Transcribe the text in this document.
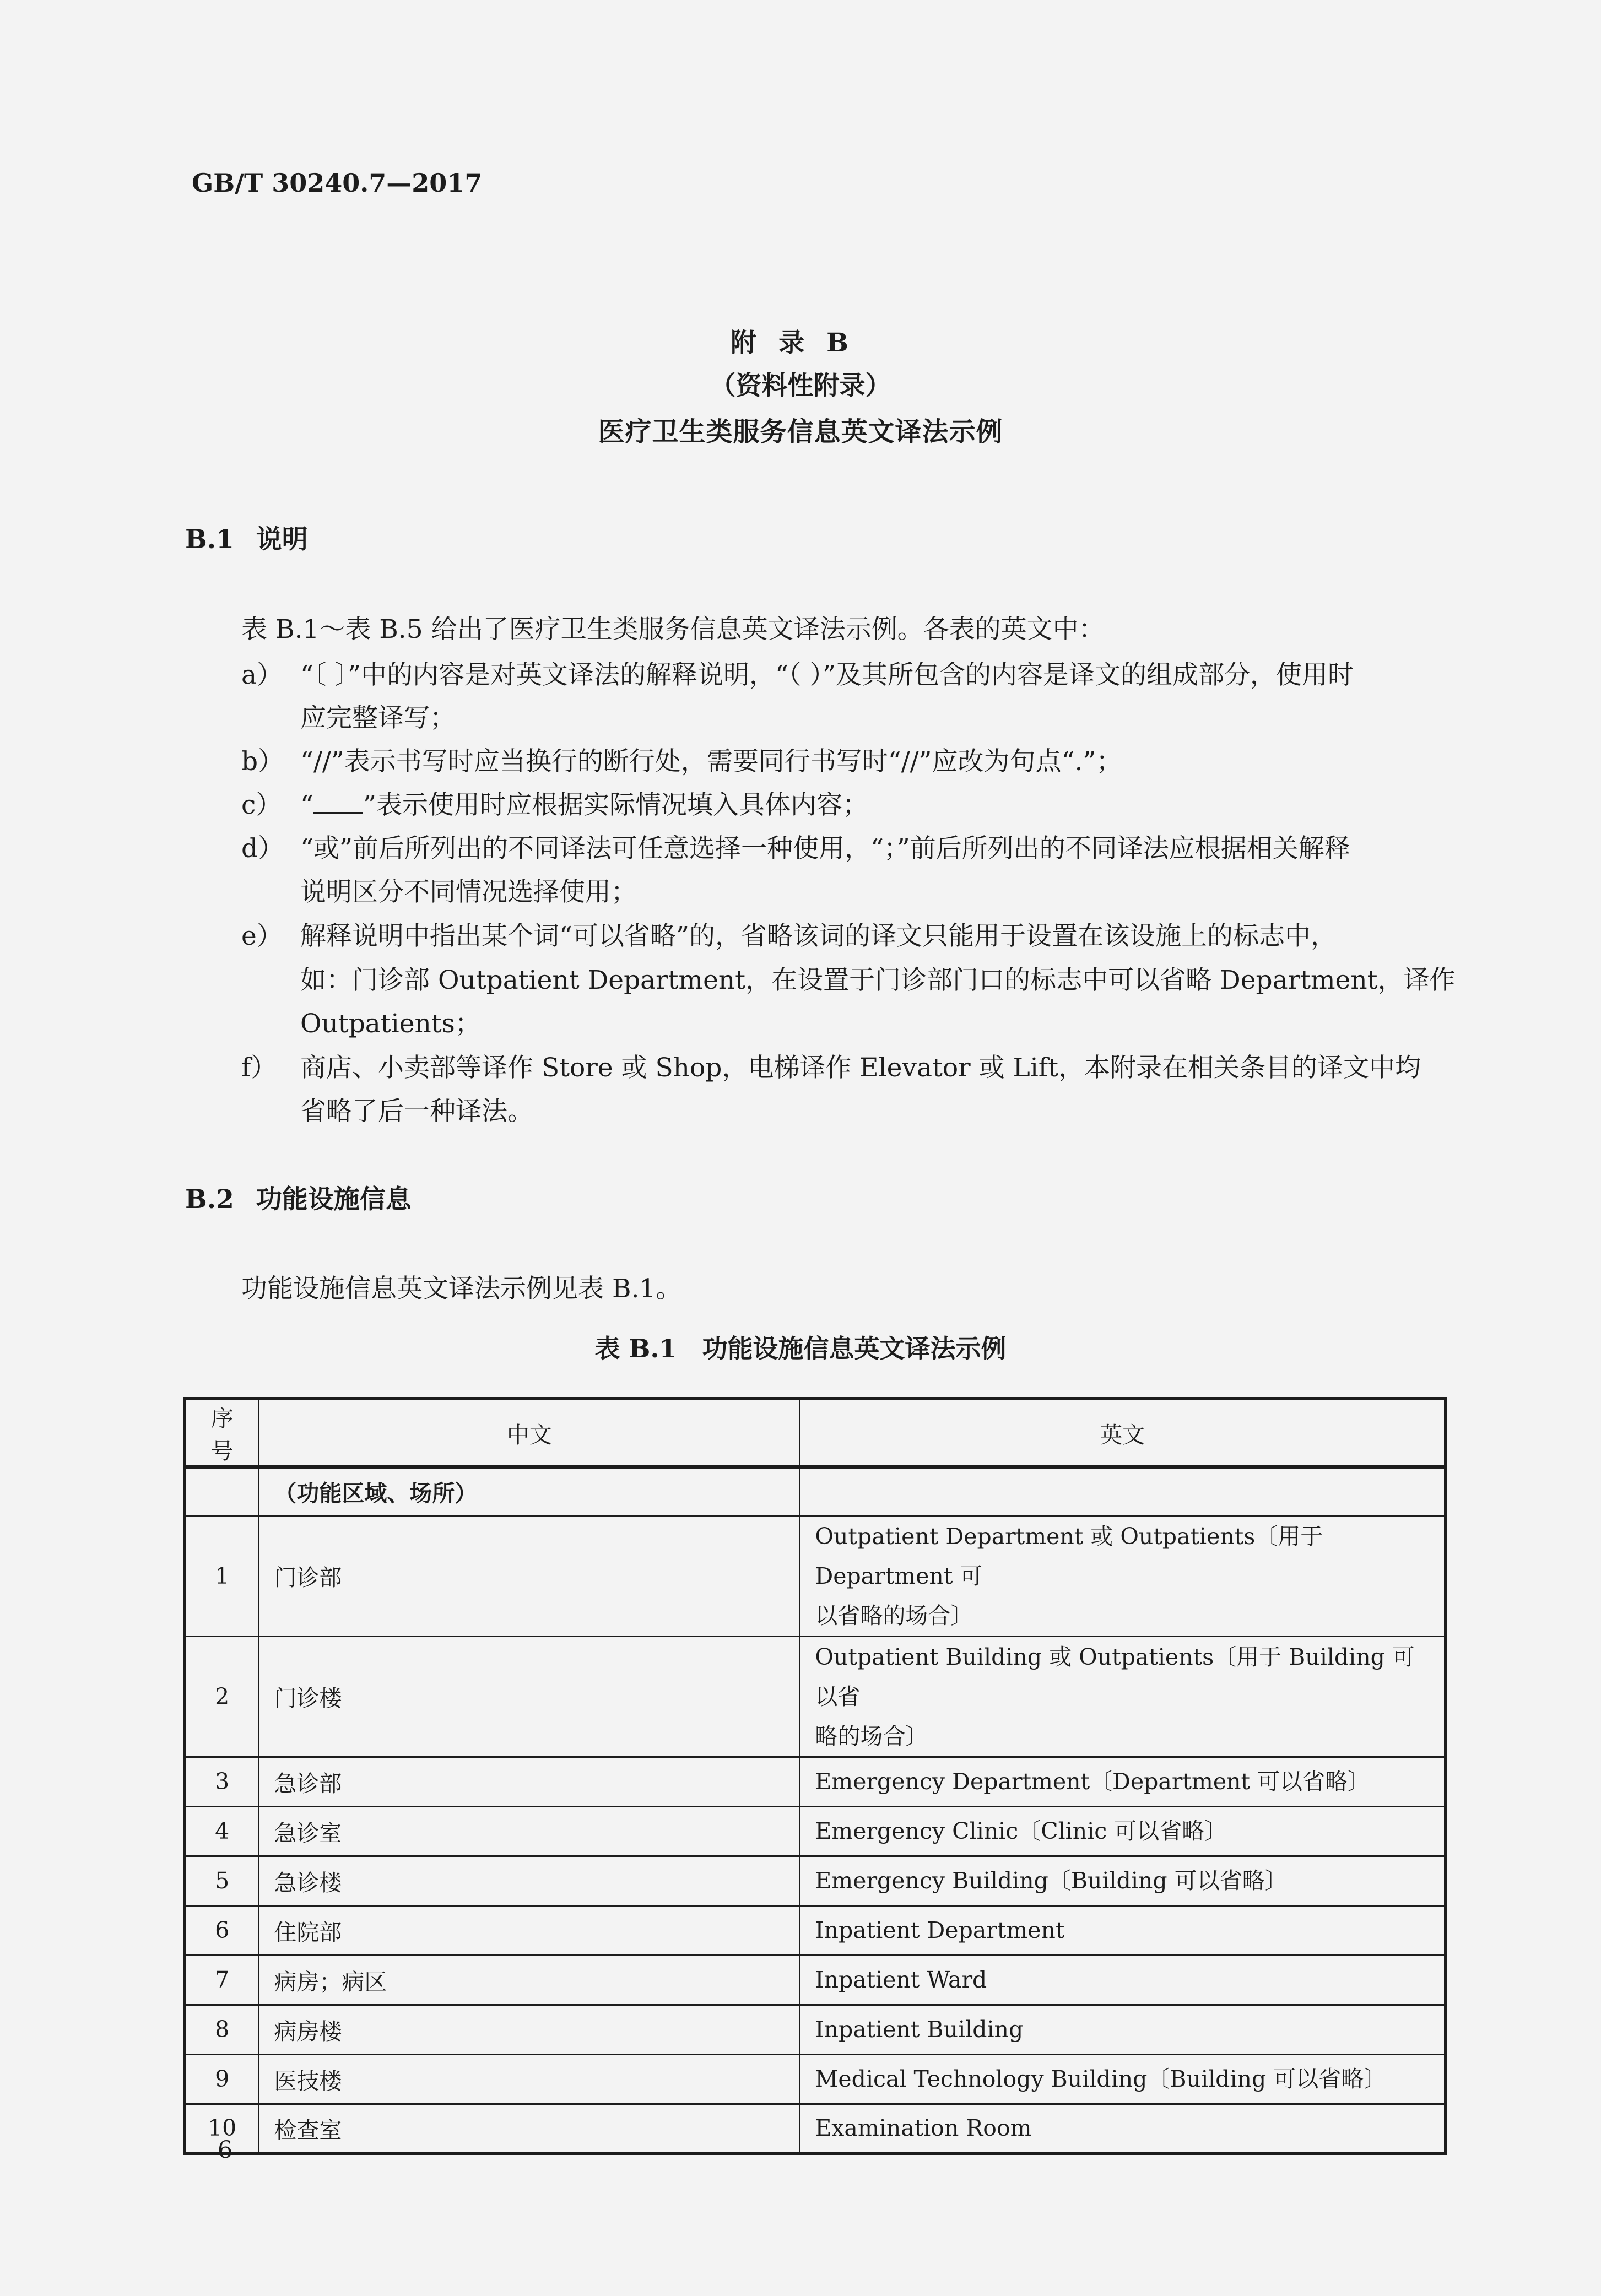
GB/T 30240.7—2017
附录B
（资料性附录）
医疗卫生类服务信息英文译法示例
B.1 说明
表 B.1～表 B.5 给出了医疗卫生类服务信息英文译法示例。各表的英文中：
a） “〔 〕”中的内容是对英文译法的解释说明，“（ ）”及其所包含的内容是译文的组成部分，使用时
应完整译写；
b） “//”表示书写时应当换行的断行处，需要同行书写时“//”应改为句点“.”；
c） “ ”表示使用时应根据实际情况填入具体内容；
d） “或”前后所列出的不同译法可任意选择一种使用，“；”前后所列出的不同译法应根据相关解释
说明区分不同情况选择使用；
e） 解释说明中指出某个词“可以省略”的，省略该词的译文只能用于设置在该设施上的标志中，
如：门诊部 Outpatient Department，在设置于门诊部门口的标志中可以省略 Department，译作
Outpatients；
f） 商店、小卖部等译作 Store 或 Shop，电梯译作 Elevator 或 Lift，本附录在相关条目的译文中均
省略了后一种译法。
B.2 功能设施信息
功能设施信息英文译法示例见表 B.1。
表 B.1　功能设施信息英文译法示例
序号	中文	英文
	（功能区域、场所）	
1	门诊部	Outpatient Department 或 Outpatients〔用于 Department 可
以省略的场合〕

2	门诊楼	Outpatient Building 或 Outpatients〔用于 Building 可以省
略的场合〕

3	急诊部	Emergency Department〔Department 可以省略〕

4	急诊室	Emergency Clinic〔Clinic 可以省略〕

5	急诊楼	Emergency Building〔Building 可以省略〕

6	住院部	Inpatient Department

7	病房；病区	Inpatient Ward

8	病房楼	Inpatient Building

9	医技楼	Medical Technology Building〔Building 可以省略〕

10	检查室	Examination Room
6
